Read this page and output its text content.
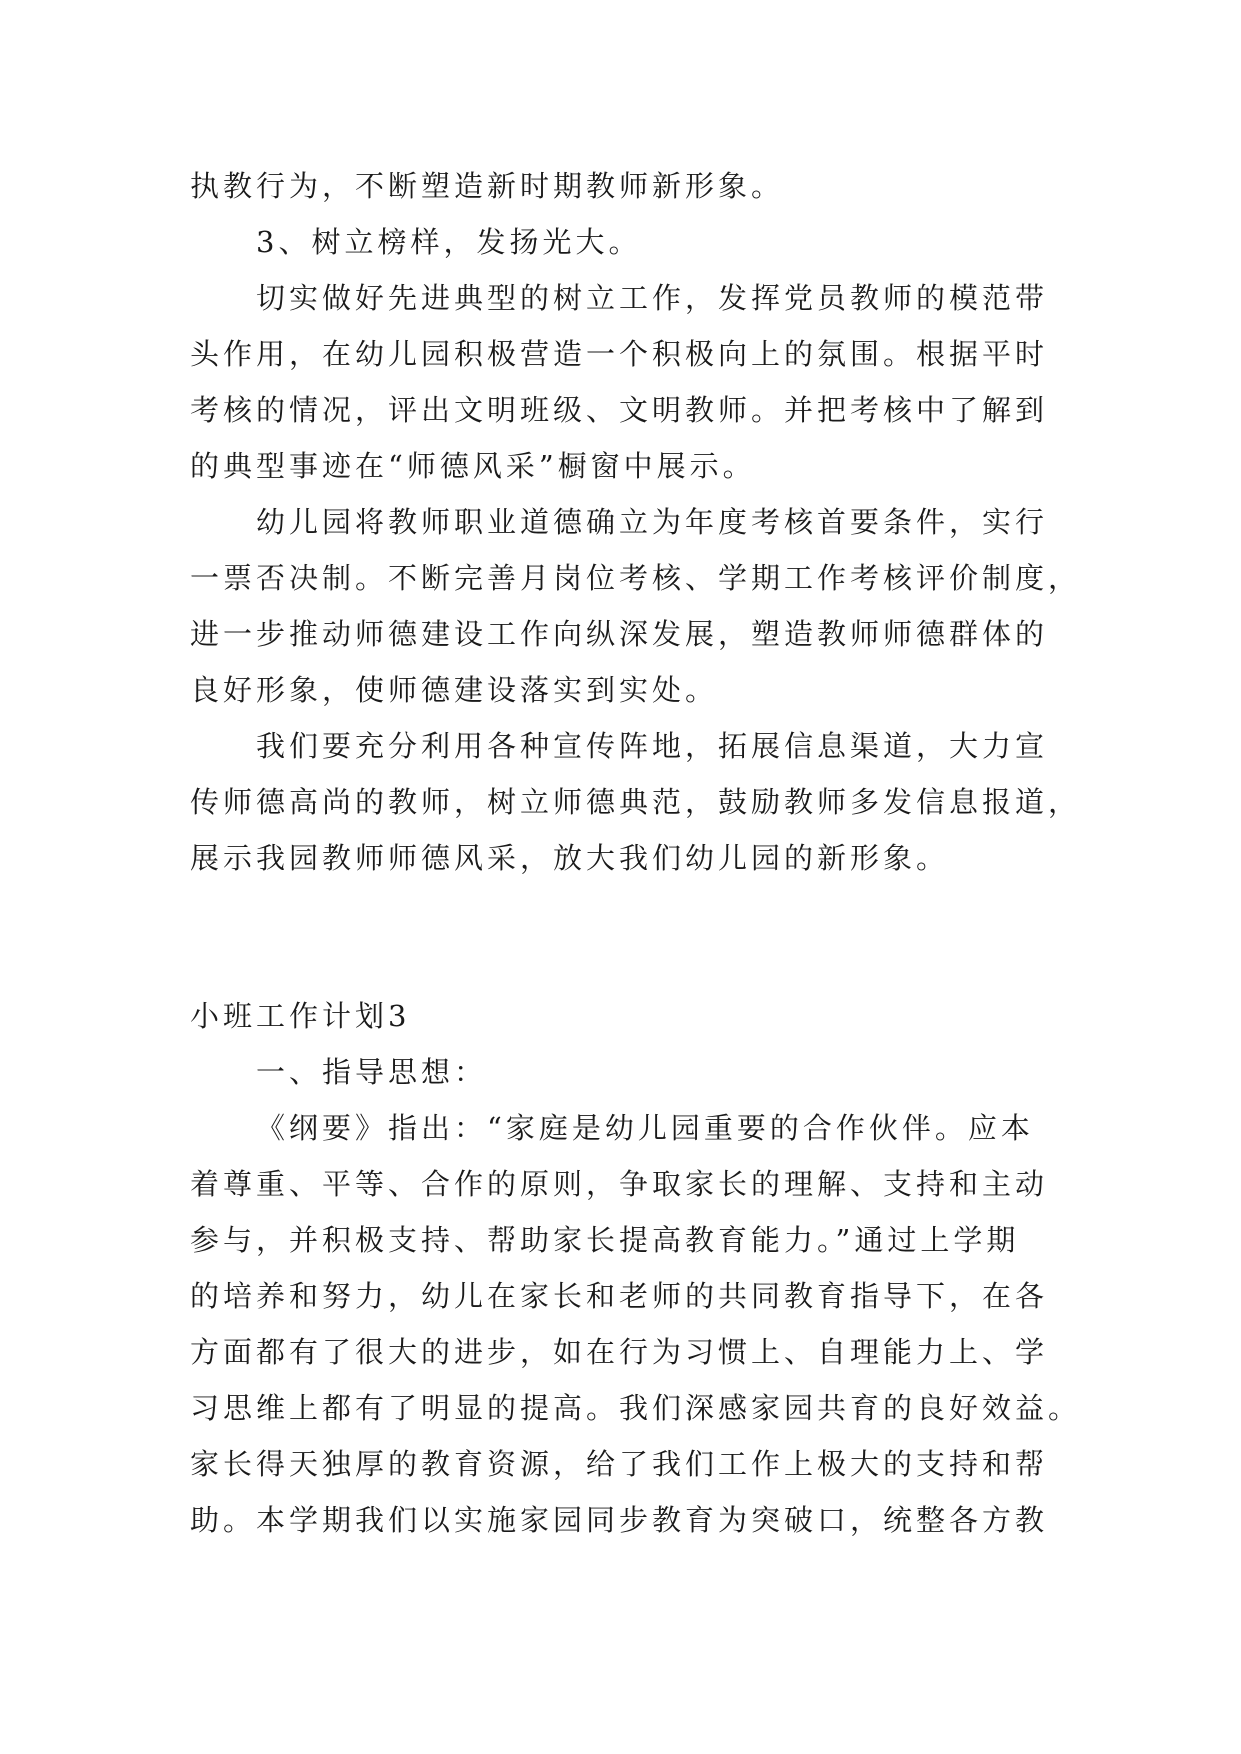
执教行为，不断塑造新时期教师新形象。
3、树立榜样，发扬光大。
切实做好先进典型的树立工作，发挥党员教师的模范带
头作用，在幼儿园积极营造一个积极向上的氛围。根据平时
考核的情况，评出文明班级、文明教师。并把考核中了解到
的典型事迹在“师德风采”橱窗中展示。
幼儿园将教师职业道德确立为年度考核首要条件，实行
一票否决制。不断完善月岗位考核、学期工作考核评价制度，
进一步推动师德建设工作向纵深发展，塑造教师师德群体的
良好形象，使师德建设落实到实处。
我们要充分利用各种宣传阵地，拓展信息渠道，大力宣
传师德高尚的教师，树立师德典范，鼓励教师多发信息报道，
展示我园教师师德风采，放大我们幼儿园的新形象。
小班工作计划3
一、指导思想：
《纲要》指出：“家庭是幼儿园重要的合作伙伴。应本
着尊重、平等、合作的原则，争取家长的理解、支持和主动
参与，并积极支持、帮助家长提高教育能力。”通过上学期
的培养和努力，幼儿在家长和老师的共同教育指导下，在各
方面都有了很大的进步，如在行为习惯上、自理能力上、学
习思维上都有了明显的提高。我们深感家园共育的良好效益。
家长得天独厚的教育资源，给了我们工作上极大的支持和帮
助。本学期我们以实施家园同步教育为突破口，统整各方教
